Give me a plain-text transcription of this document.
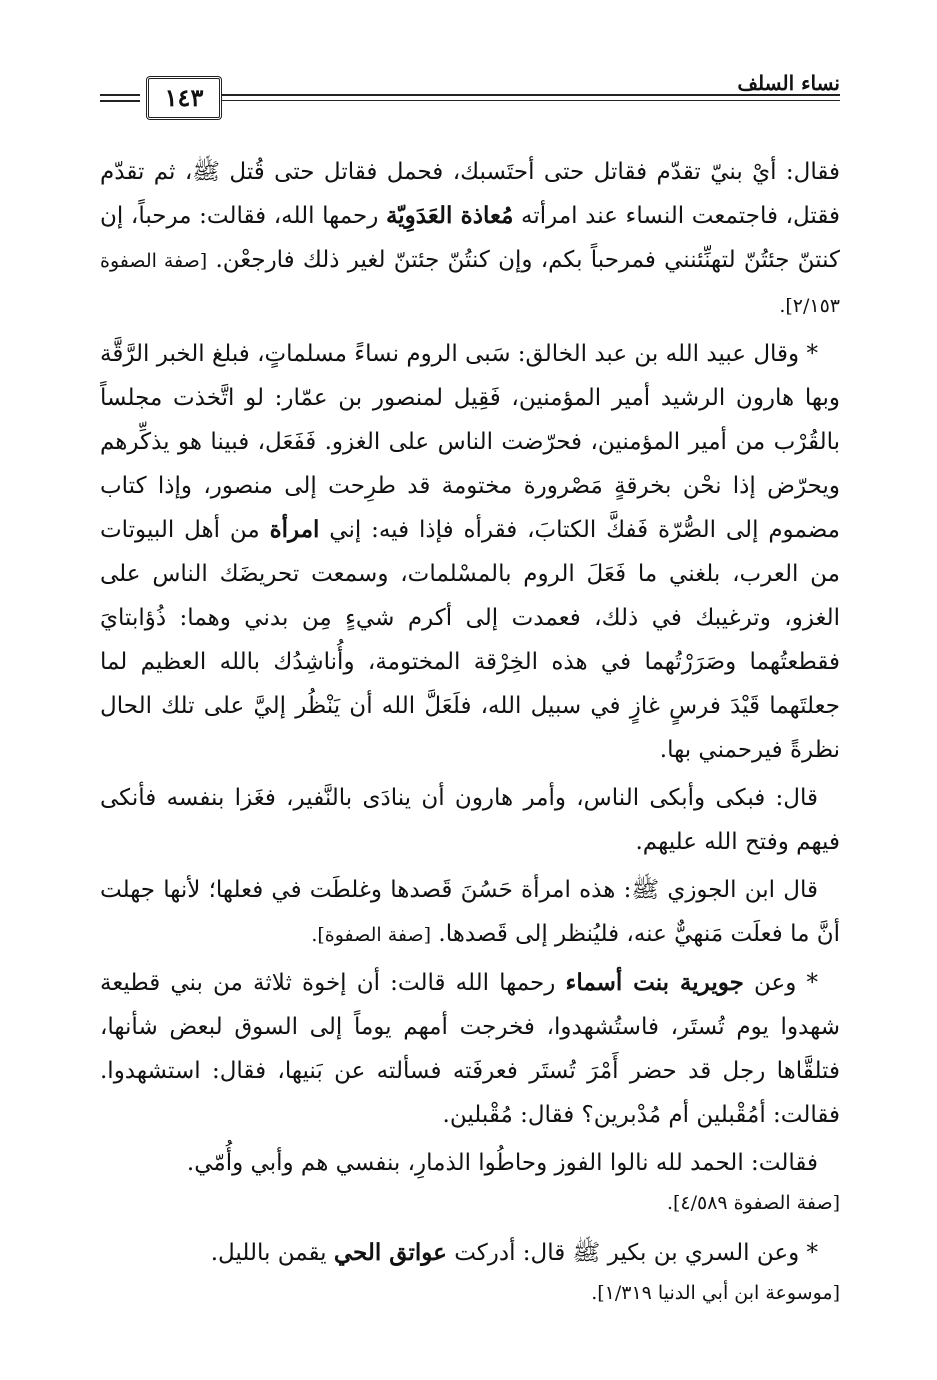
١٤٣	نساء السلف

فقال: أيْ بنيّ تقدّم فقاتل حتى أحتَسبك، فحمل فقاتل حتى قُتل ﷺ، ثم تقدّم فقتل، فاجتمعت النساء عند امرأته مُعاذة العَدَوِيّة رحمها الله، فقالت: مرحباً، إن كنتنّ جئتُنّ لتهنِّئنني فمرحباً بكم، وإن كنتُنّ جئتنّ لغير ذلك فارجعْن. [صفة الصفوة ٢/١٥٣].

* وقال عبيد الله بن عبد الخالق: سَبى الروم نساءً مسلماتٍ، فبلغ الخبر الرَّقَّة وبها هارون الرشيد أمير المؤمنين، فَقِيل لمنصور بن عمّار: لو اتَّخذت مجلساً بالقُرْب من أمير المؤمنين، فحرّضت الناس على الغزو. فَفَعَل، فبينا هو يذكِّرهم ويحرّض إذا نحْن بخرقةٍ مَصْرورة مختومة قد طرِحت إلى منصور، وإذا كتاب مضموم إلى الصُّرّة فَفكَّ الكتابَ، فقرأه فإذا فيه: إني امرأة من أهل البيوتات من العرب، بلغني ما فَعَلَ الروم بالمسْلمات، وسمعت تحريضَك الناس على الغزو، وترغيبك في ذلك، فعمدت إلى أكرم شيءٍ مِن بدني وهما: ذُؤابتايَ فقطعتُهما وصَرَرْتُهما في هذه الخِرْقة المختومة، وأُناشِدُك بالله العظيم لما جعلتَهما قَيْدَ فرسٍ غازٍ في سبيل الله، فلَعَلَّ الله أن يَنْظُر إليَّ على تلك الحال نظرةً فيرحمني بها.

قال: فبكى وأبكى الناس، وأمر هارون أن ينادَى بالنَّفير، فغَزا بنفسه فأنكى فيهم وفتح الله عليهم.

قال ابن الجوزي ﷺ: هذه امرأة حَسُنَ قَصدها وغلطَت في فعلها؛ لأنها جهلت أنَّ ما فعلَت مَنهيٌّ عنه، فليُنظر إلى قَصدها. [صفة الصفوة].

* وعن جويرية بنت أسماء رحمها الله قالت: أن إخوة ثلاثة من بني قطيعة شهدوا يوم تُستَر، فاستُشهدوا، فخرجت أمهم يوماً إلى السوق لبعض شأنها، فتلقَّاها رجل قد حضر أَمْرَ تُستَر فعرفَته فسألته عن بَنيها، فقال: استشهدوا. فقالت: أمُقْبلين أم مُدْبرين؟ فقال: مُقْبلين.

فقالت: الحمد لله نالوا الفوز وحاطُوا الذمارِ، بنفسي هم وأبي وأُمّي.

[صفة الصفوة ٤/٥٨٩].

* وعن السري بن بكير ﷺ قال: أدركت عواتق الحي يقمن بالليل.

[موسوعة ابن أبي الدنيا ١/٣١٩].
